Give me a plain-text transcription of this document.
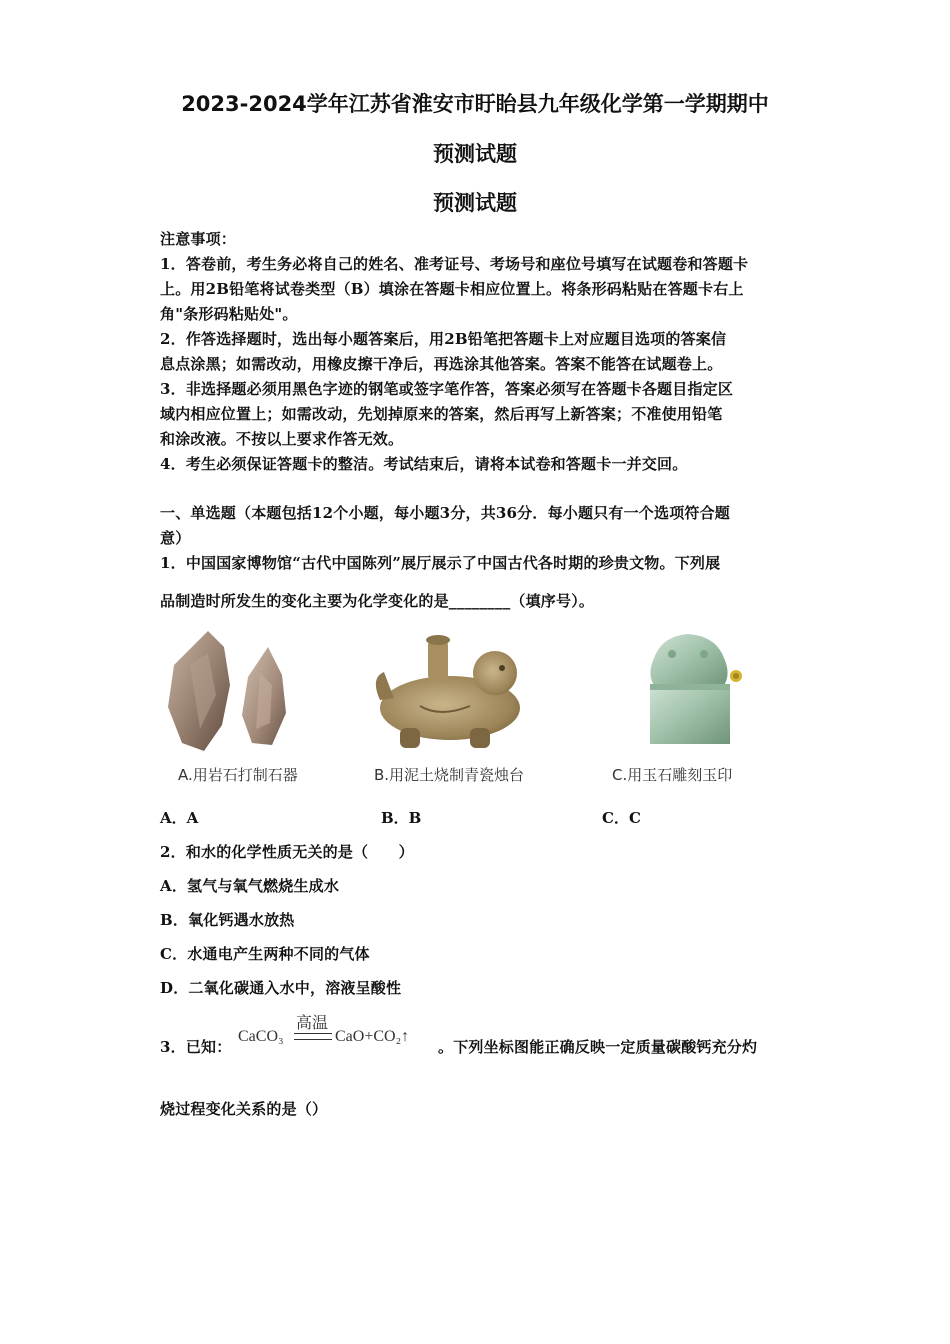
2023-2024学年江苏省淮安市盱眙县九年级化学第一学期期中
预测试题
预测试题
注意事项：
1．答卷前，考生务必将自己的姓名、准考证号、考场号和座位号填写在试题卷和答题卡
上。用2B铅笔将试卷类型（B）填涂在答题卡相应位置上。将条形码粘贴在答题卡右上
角"条形码粘贴处"。
2．作答选择题时，选出每小题答案后，用2B铅笔把答题卡上对应题目选项的答案信
息点涂黑；如需改动，用橡皮擦干净后，再选涂其他答案。答案不能答在试题卷上。
3．非选择题必须用黑色字迹的钢笔或签字笔作答，答案必须写在答题卡各题目指定区
域内相应位置上；如需改动，先划掉原来的答案，然后再写上新答案；不准使用铅笔
和涂改液。不按以上要求作答无效。
4．考生必须保证答题卡的整洁。考试结束后，请将本试卷和答题卡一并交回。
一、单选题（本题包括12个小题，每小题3分，共36分．每小题只有一个选项符合题
意）
1．中国国家博物馆“古代中国陈列”展厅展示了中国古代各时期的珍贵文物。下列展
品制造时所发生的变化主要为化学变化的是________（填序号）。
A.用岩石打制石器	B.用泥土烧制青瓷烛台	C.用玉石雕刻玉印
A．A	B．B	C．C
2．和水的化学性质无关的是（　　）
A．氢气与氧气燃烧生成水
B．氧化钙遇水放热
C．水通电产生两种不同的气体
D．二氧化碳通入水中，溶液呈酸性
3．已知：
CaCO₃
高温
CaO+CO₂↑
。下列坐标图能正确反映一定质量碳酸钙充分灼
烧过程变化关系的是（）
